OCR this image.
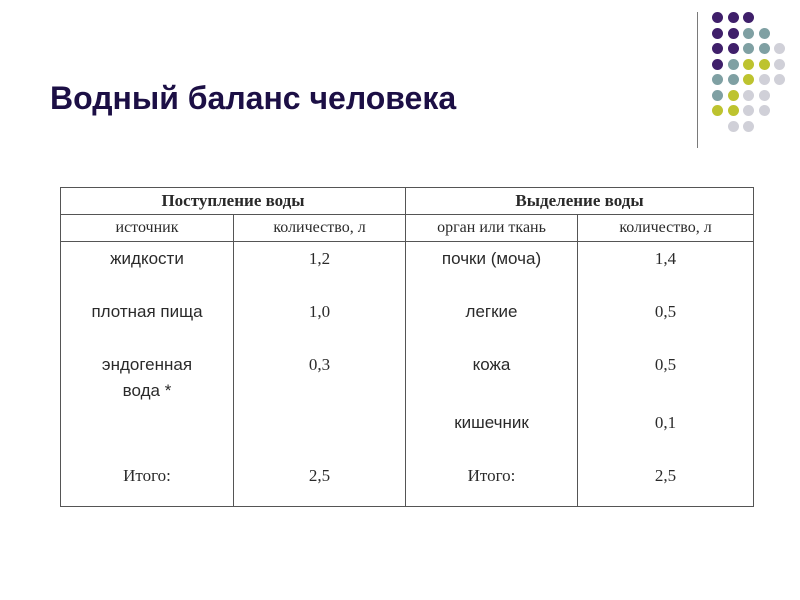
Водный баланс человека
Поступление воды		Выделение воды	
источник	количество, л	орган или ткань	количество, л
жидкости	1,2	почки (моча)	1,4
плотная пища	1,0	легкие	0,5
эндогенная вода *	0,3	кожа	0,5
		кишечник	0,1
Итого:	2,5	Итого:	2,5
